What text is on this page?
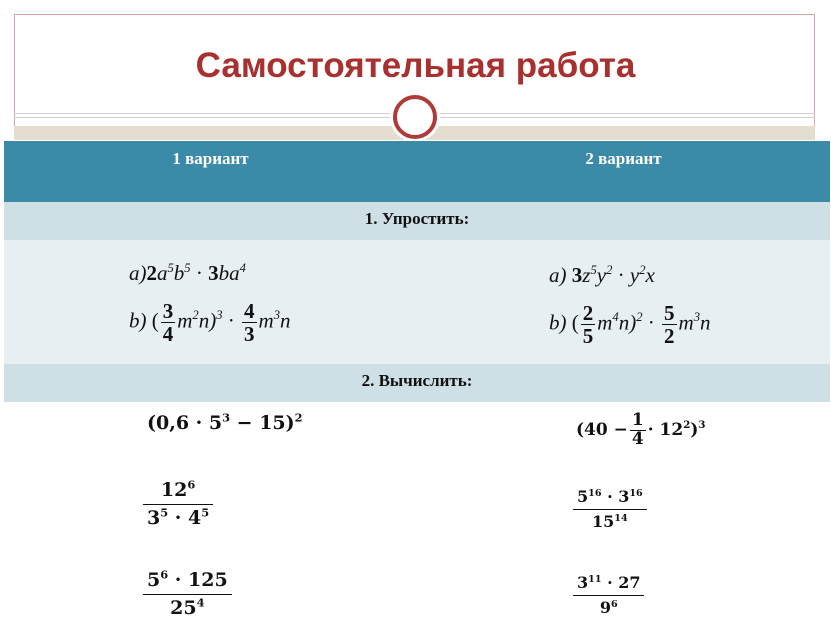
Самостоятельная работа
1 вариант	2 вариант
1. Упростить:
$a)2a^5b^5 \cdot 3ba^4$
b) ( $\frac{3}{4} m^2n)^3 \cdot \frac{4}{3} m^3n$
a) $3z^5y^2 \cdot y^2x$
b) ( $\frac{2}{5} m^4n)^2 \cdot \frac{5}{2} m^3n$
2. Вычислить:
$(0,6 \cdot 5^3 - 15)^2$
$12^6$
$3^5 \cdot 4^5$
$5^6 \cdot 125$
$25^4$
$(40 - \frac{1}{4} \cdot 12^2)^3$
$5^{16} \cdot 3^{16}$
$15^{14}$
$3^{11} \cdot 27$
$9^6$
